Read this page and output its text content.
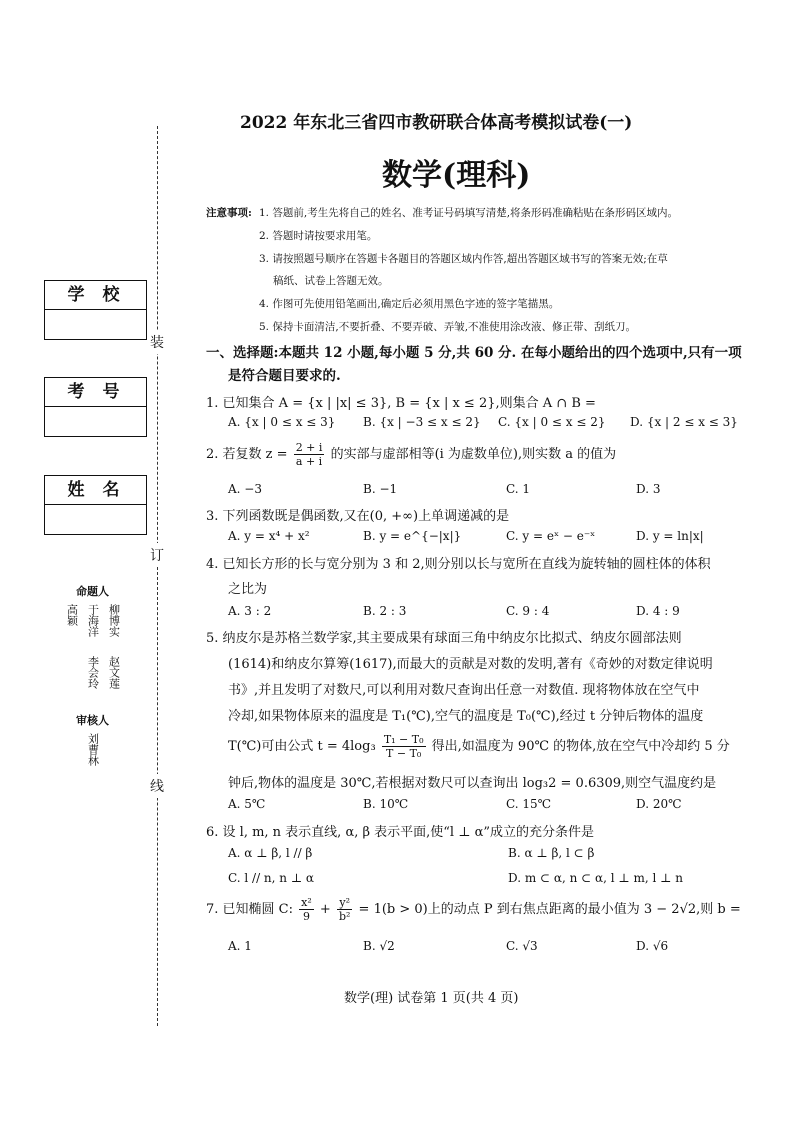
装
订
线
学校
考号
姓名
命题人
高颖 于海洋 柳博实
李会玲 赵文莲
审核人
刘曹林
2022 年东北三省四市教研联合体高考模拟试卷(一)
数学(理科)
注意事项: 1. 答题前,考生先将自己的姓名、准考证号码填写清楚,将条形码准确粘贴在条形码区域内。
2. 答题时请按要求用笔。
3. 请按照题号顺序在答题卡各题目的答题区域内作答,超出答题区域书写的答案无效;在草
稿纸、试卷上答题无效。
4. 作图可先使用铅笔画出,确定后必须用黑色字迹的签字笔描黑。
5. 保持卡面清洁,不要折叠、不要弄破、弄皱,不准使用涂改液、修正带、刮纸刀。
一、选择题:本题共 12 小题,每小题 5 分,共 60 分. 在每小题给出的四个选项中,只有一项
是符合题目要求的.
1. 已知集合 A = {x | |x| ≤ 3}, B = {x | x ≤ 2},则集合 A ∩ B =
A. {x | 0 ≤ x ≤ 3} B. {x | −3 ≤ x ≤ 2} C. {x | 0 ≤ x ≤ 2} D. {x | 2 ≤ x ≤ 3}
2. 若复数 $z = \frac{2 + i}{a + i}$ 的实部与虚部相等(i 为虚数单位),则实数 a 的值为
A. −3	B. −1	C. 1	D. 3
3. 下列函数既是偶函数,又在(0, +∞)上单调递减的是
A. y = x⁴ + x²	B. y = e^{−|x|}	C. y = eˣ − e⁻ˣ	D. y = ln|x|
4. 已知长方形的长与宽分别为 3 和 2,则分别以长与宽所在直线为旋转轴的圆柱体的体积
之比为
A. 3 : 2	B. 2 : 3	C. 9 : 4	D. 4 : 9
5. 纳皮尔是苏格兰数学家,其主要成果有球面三角中纳皮尔比拟式、纳皮尔圆部法则
(1614)和纳皮尔算筹(1617),而最大的贡献是对数的发明,著有《奇妙的对数定律说明
书》,并且发明了对数尺,可以利用对数尺查询出任意一对数值. 现将物体放在空气中
冷却,如果物体原来的温度是 T₁(℃),空气的温度是 T₀(℃),经过 t 分钟后物体的温度
T(℃)可由公式 $t = 4\log_3 \frac{\text{T₁ − T₀}}{\text{T − T₀}}$ 得出,如温度为 90℃ 的物体,放在空气中冷却约 5 分
钟后,物体的温度是 30℃,若根据对数尺可以查询出 log₃2 = 0.6309,则空气温度约是
A. 5℃	B. 10℃	C. 15℃	D. 20℃
6. 设 l, m, n 表示直线, α, β 表示平面,使“l ⊥ α”成立的充分条件是
A. α ⊥ β, l // β	B. α ⊥ β, l ⊂ β
C. l // n, n ⊥ α	D. m ⊂ α, n ⊂ α, l ⊥ m, l ⊥ n
7. 已知椭圆 C: $\frac{\text{x²}}{9} + \frac{\text{y²}}{\text{b²}} = 1(b > 0)$上的动点 P 到右焦点距离的最小值为 3 − 2√2,则 b =
A. 1	B. √2	C. √3	D. √6
数学(理) 试卷第 1 页(共 4 页)
